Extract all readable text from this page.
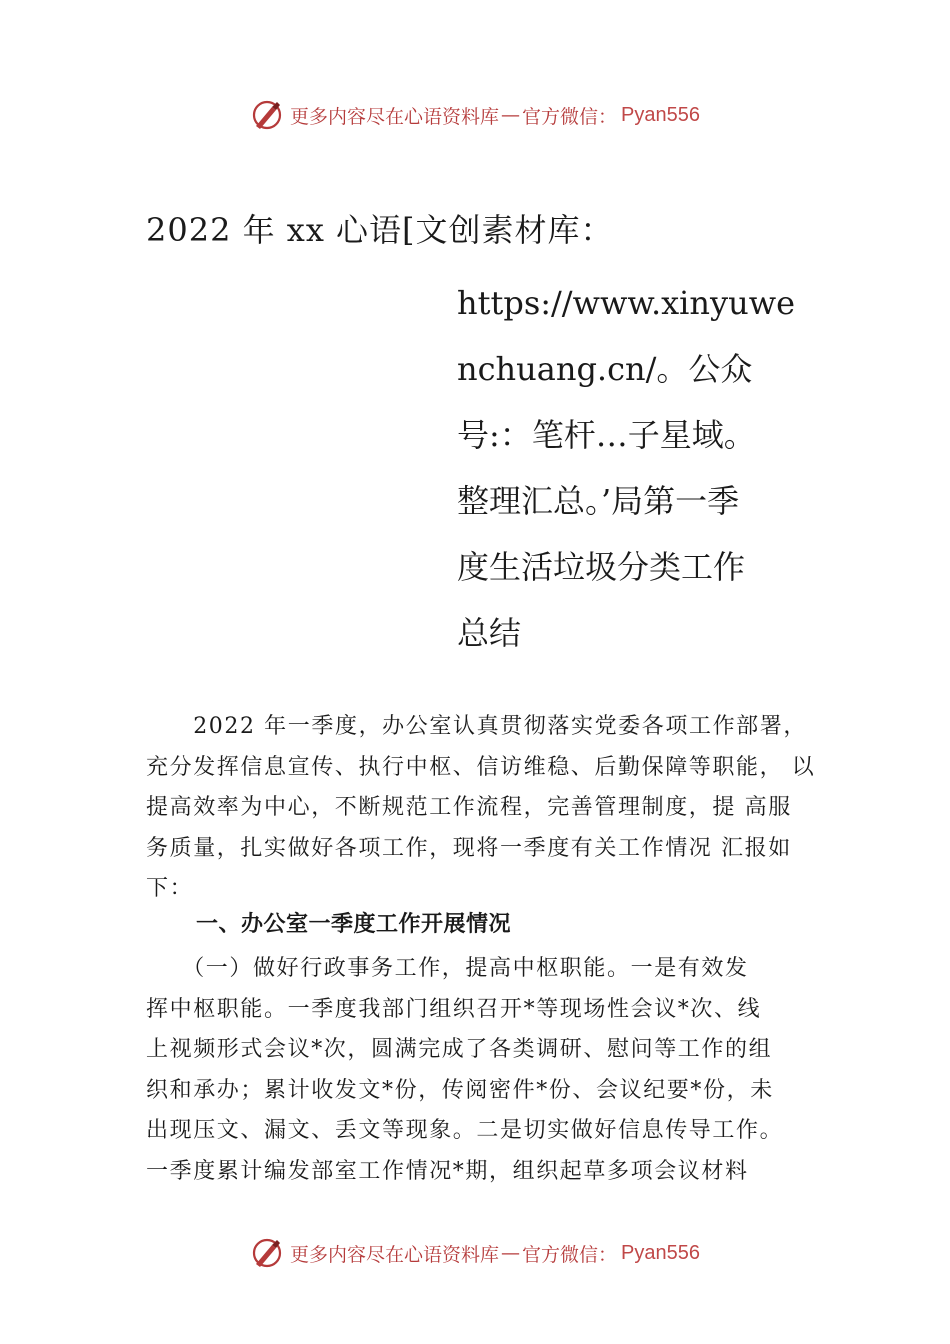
更多内容尽在心语资料库 — 官方微信： Pyan556
2022 年 xx 心语[文创素材库：
https://www.xinyuwe
nchuang.cn/。公众
号:：笔杆…子星域。
整理汇总。’局第一季
度生活垃圾分类工作
总结
　　2022 年一季度，办公室认真贯彻落实党委各项工作部署，
充分发挥信息宣传、执行中枢、信访维稳、后勤保障等职能， 以
提高效率为中心，不断规范工作流程，完善管理制度，提 高服
务质量，扎实做好各项工作，现将一季度有关工作情况 汇报如
下：
一、办公室一季度工作开展情况
　　（一）做好行政事务工作，提高中枢职能。一是有效发
挥中枢职能。一季度我部门组织召开*等现场性会议*次、线
上视频形式会议*次，圆满完成了各类调研、慰问等工作的组
织和承办；累计收发文*份，传阅密件*份、会议纪要*份，未
出现压文、漏文、丢文等现象。二是切实做好信息传导工作。
一季度累计编发部室工作情况*期，组织起草多项会议材料
更多内容尽在心语资料库 — 官方微信： Pyan556
